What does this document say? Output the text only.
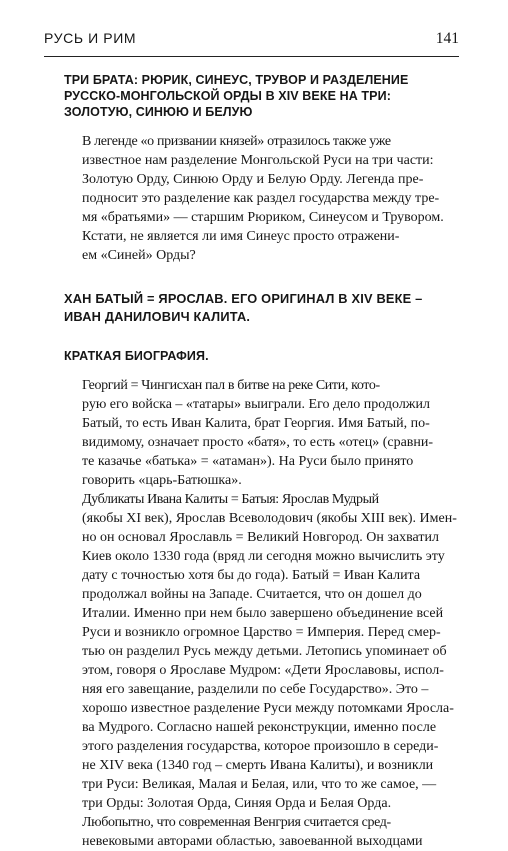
РУСЬ И РИМ	141
ТРИ БРАТА: РЮРИК, СИНЕУС, ТРУВОР И РАЗДЕЛЕНИЕ
РУССКО-МОНГОЛЬСКОЙ ОРДЫ В XIV ВЕКЕ НА ТРИ:
ЗОЛОТУЮ, СИНЮЮ И БЕЛУЮ

В легенде «о призвании князей» отразилось также уже
известное нам разделение Монгольской Руси на три части:
Золотую Орду, Синюю Орду и Белую Орду. Легенда пре-
подносит это разделение как раздел государства между тре-
мя «братьями» — старшим Рюриком, Синеусом и Трувором.
Кстати, не является ли имя Синеус просто отражени-
ем «Синей» Орды?

ХАН БАТЫЙ = ЯРОСЛАВ. ЕГО ОРИГИНАЛ В XIV ВЕКЕ –
ИВАН ДАНИЛОВИЧ КАЛИТА.
КРАТКАЯ БИОГРАФИЯ.

Георгий = Чингисхан пал в битве на реке Сити, кото-
рую его войска – «татары» выиграли. Его дело продолжил
Батый, то есть Иван Калита, брат Георгия. Имя Батый, по-
видимому, означает просто «батя», то есть «отец» (сравни-
те казачье «батька» = «атаман»). На Руси было принято
говорить «царь-Батюшка».

Дубликаты Ивана Калиты = Батыя: Ярослав Мудрый
(якобы XI век), Ярослав Всеволодович (якобы XIII век). Имен-
но он основал Ярославль = Великий Новгород. Он захватил
Киев около 1330 года (вряд ли сегодня можно вычислить эту
дату с точностью хотя бы до года). Батый = Иван Калита
продолжал войны на Западе. Считается, что он дошел до
Италии. Именно при нем было завершено объединение всей
Руси и возникло огромное Царство = Империя. Перед смер-
тью он разделил Русь между детьми. Летопись упоминает об
этом, говоря о Ярославе Мудром: «Дети Ярославовы, испол-
няя его завещание, разделили по себе Государство». Это –
хорошо известное разделение Руси между потомками Яросла-
ва Мудрого. Согласно нашей реконструкции, именно после
этого разделения государства, которое произошло в середи-
не XIV века (1340 год – смерть Ивана Калиты), и возникли
три Руси: Великая, Малая и Белая, или, что то же самое, —
три Орды: Золотая Орда, Синяя Орда и Белая Орда.

Любопытно, что современная Венгрия считается сред-
невековыми авторами областью, завоеванной выходцами
